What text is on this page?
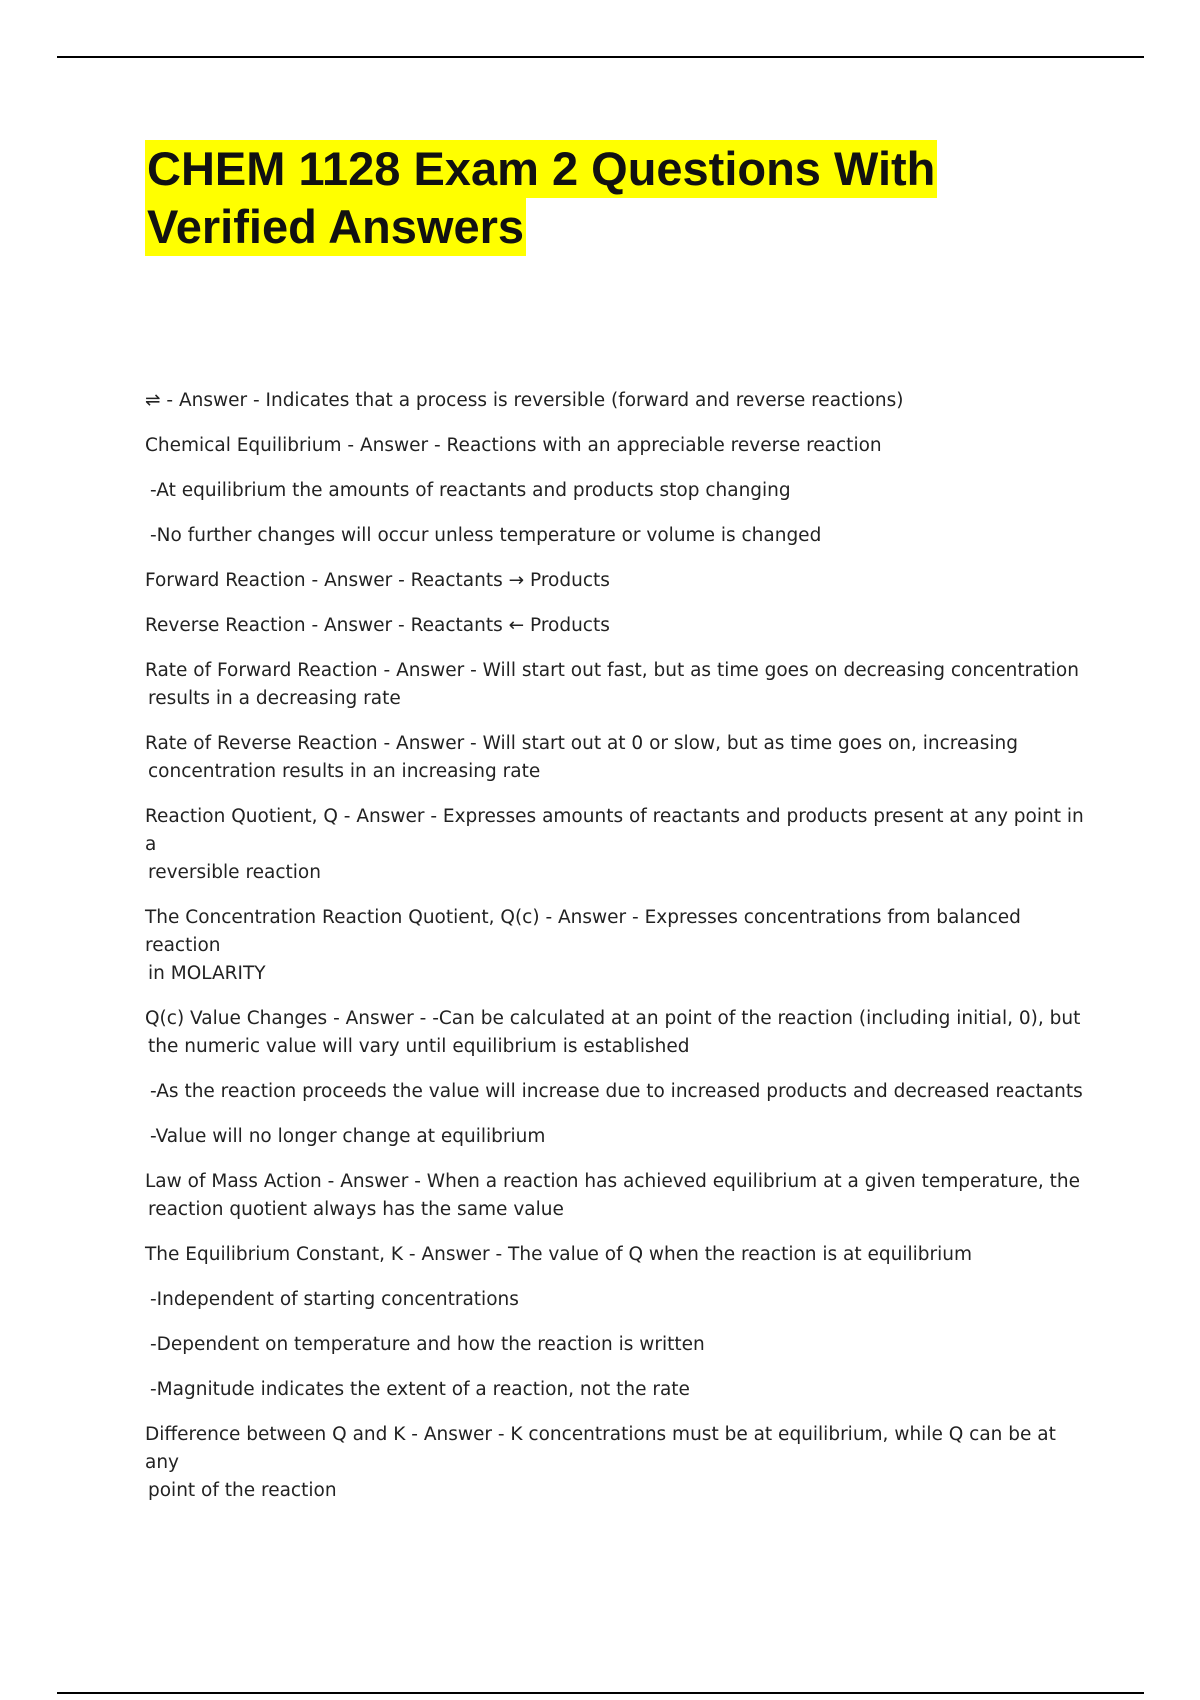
CHEM 1128 Exam 2 Questions With
Verified Answers

⇌ - Answer - Indicates that a process is reversible (forward and reverse reactions)

Chemical Equilibrium - Answer - Reactions with an appreciable reverse reaction

-At equilibrium the amounts of reactants and products stop changing

-No further changes will occur unless temperature or volume is changed

Forward Reaction - Answer - Reactants → Products

Reverse Reaction - Answer - Reactants ← Products

Rate of Forward Reaction - Answer - Will start out fast, but as time goes on decreasing concentration
results in a decreasing rate

Rate of Reverse Reaction - Answer - Will start out at 0 or slow, but as time goes on, increasing
concentration results in an increasing rate

Reaction Quotient, Q - Answer - Expresses amounts of reactants and products present at any point in a
reversible reaction

The Concentration Reaction Quotient, Q(c) - Answer - Expresses concentrations from balanced reaction
in MOLARITY

Q(c) Value Changes - Answer - -Can be calculated at an point of the reaction (including initial, 0), but
the numeric value will vary until equilibrium is established

-As the reaction proceeds the value will increase due to increased products and decreased reactants

-Value will no longer change at equilibrium

Law of Mass Action - Answer - When a reaction has achieved equilibrium at a given temperature, the
reaction quotient always has the same value

The Equilibrium Constant, K - Answer - The value of Q when the reaction is at equilibrium

-Independent of starting concentrations

-Dependent on temperature and how the reaction is written

-Magnitude indicates the extent of a reaction, not the rate

Difference between Q and K - Answer - K concentrations must be at equilibrium, while Q can be at any
point of the reaction
